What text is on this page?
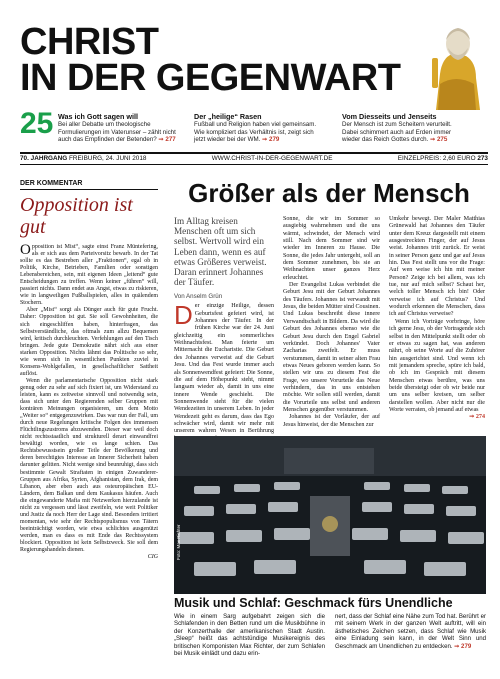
CHRIST
IN DER GEGENWART
25 Was ich Gott sagen will
Bei aller Debatte um theologische Formulierungen im Vaterunser – zählt nicht auch das Empfinden der Betenden? ➞ 277
Der „heilige“ Rasen
Fußball und Religion haben viel gemeinsam. Wie kompliziert das Verhältnis ist, zeigt sich jetzt wieder bei der WM. ➞ 279
Vom Diesseits und Jenseits
Der Mensch ist zum Scheitern verurteilt. Dabei schimmert auch auf Erden immer wieder das Reich Gottes durch. ➞ 275
70. JAHRGANG FREIBURG, 24. JUNI 2018	WWW.CHRIST-IN-DER-GEGENWART.DE	EINZELPREIS: 2,60 EURO 273
DER KOMMENTAR
Opposition ist gut

Opposition ist Mist“, sagte einst Franz Müntefering, als er sich aus dem Parteivorsitz bewarb. In der Tat sollte es das Bestreben aller „Fraktionen“, egal ob in Politik, Kirche, Betrieben, Familien oder sonstigen Lebensbereichen, sein, mit eigenen Ideen „leitend“ gute Entscheidungen zu treffen. Wenn keiner „führen“ will, passiert nichts. Dann endet aus Angst, etwas zu riskieren, wie in langweiligen Fußballspielen, alles in quälendem Stochern.

Aber „Mist“ sorgt als Dünger auch für gute Frucht. Daher: Opposition ist gut. Sie soll Gewohnheiten, die sich eingeschliffen haben, hinterfragen, das Selbstverständliche, das oftmals zum allzu Bequemen wird, kritisch durchleuchten. Verfehlungen auf den Tisch bringen. Jede gute Demokratie nährt sich aus einer starken Opposition. Nichts lähmt das Politische so sehr, wie wenn sich in wesentlichen Punkten zuviel in Konsens-Wohlgefallen, in gesellschaftlicher Sattheit auflöst.

Wenn die parlamentarische Opposition nicht stark genug oder zu sehr auf sich fixiert ist, um Widerstand zu leisten, kann es zeitweise sinnvoll und notwendig sein, dass sich unter den Regierenden selber Gruppen mit konträren Meinungen organisieren, um dem Motto „Weiter so“ entgegenzuwirken. Das war nun der Fall, um durch neue Regelungen kritische Folgen des immensen Flüchtlingszustroms abzuwenden. Dieser war weil doch nicht rechtsstaatlich und strukturell derart einwandfrei bewältigt worden, wie es lange schien. Das Rechtsbewusstsein großer Teile der Bevölkerung und deren berechtigtes Interesse an Innerer Sicherheit haben darunter gelitten. Nicht wenige sind beunruhigt, dass sich bestimmte Gewalt Straftaten in einigen Zuwanderer-Gruppen aus Afrika, Syrien, Afghanistan, dem Irak, dem Libanon, aber eben auch aus osteuropäischen EU-Ländern, dem Balkan und dem Kaukasus häufen. Auch die eingewanderte Mafia mit Netzwerken hierzulande ist nicht zu vergessen und lässt zweifeln, wie weit Politiker und Justiz da noch Herr der Lage sind. Besonders irritiert momentan, wie sehr der Rechtspopulismus von Tätern beeinträchtigt worden, wie etwa schlichtes ausgenützt werden, man es dass es mit Ende das Rechtssystem blockiert. Opposition ist kein Selbstzweck. Sie soll dem Regierungshandeln dienen.

CIG
Größer als der Mensch
Im Alltag kreisen Menschen oft um sich selbst. Wertvoll wird ein Leben dann, wenn es auf etwas Größeres verweist. Daran erinnert Johannes der Täufer.
Von Anselm Grün

Der einzige Heilige, dessen Geburtsfest gefeiert wird, ist Johannes der Täufer. In der frühen Kirche war der 24. Juni gleichzeitig ein sommerliches Weihnachtsfest. Man feierte um Mitternacht die Eucharistie. Die Geburt des Johannes verweist auf die Geburt Jesu. Und das Fest wurde immer auch als Sonnenwendfest gefeiert: Die Sonne, die auf dem Höhepunkt steht, nimmt langsam wieder ab, damit in uns eine innere Wende geschieht. Die Sonnenwende steht für die vielen Wendezeiten in unserem Leben. In jeder Wendezeit geht es darum, dass das Ego schwächer wird, damit wir mehr mit unserem wahren Wesen in Berührung

Sonne, die wir im Sommer so ausgiebig wahrnehmen und die uns wärmt, schwindet, der Mensch wird still. Nach dem Sommer sind wir wieder im Inneren zu Hause. Die Sonne, die jedes Jahr untergeht, soll an dem Sommer zunehmen, bis sie an Weihnachten unser ganzes Herz erleuchtet.

Der Evangelist Lukas verbindet die Geburt Jesu mit der Geburt Johannes des Täufers. Johannes ist verwandt mit Jesus, die beiden Mütter sind Cousinen. Und Lukas beschreibt diese innere Verwandtschaft in Bildern. Da wird die Geburt des Johannes ebenso wie die Geburt Jesu durch den Engel Gabriel verkündet. Doch Johannes' Vater Zacharias zweifelt. Er muss verstummen, damit in seiner alten Frau etwas Neues geboren werden kann. So stellen wir uns zu diesem Fest die Frage, wo unsere Vorurteile das Neue verhindern, das in uns entstehen möchte. Wir sollen still werden, damit die Vorurteile uns selbst und anderen Menschen gegenüber verstummen.

Johannes ist der Vorläufer, der auf Jesus hinweist, der die Menschen zur

Umkehr bewegt. Der Maler Matthias Grünewald hat Johannes den Täufer unter dem Kreuz dargestellt mit einem ausgestreckten Finger, der auf Jesus weist. Johannes tritt zurück. Er weist in seiner Person ganz und gar auf Jesus hin. Das Fest stellt uns vor die Frage: Auf wen weise ich hin mit meiner Person? Zeige ich bei allem, was ich tue, nur auf mich selbst? Schaut her, welch toller Mensch ich bin! Oder verweise ich auf Christus? Und wodurch erkennen die Menschen, dass ich auf Christus verweise?

Wenn ich Vorträge vorbringe, höre ich gerne Jesu, ob der Vortragende sich selbst in den Mittelpunkt stellt oder ob er etwas zu sagen hat, was anderen nährt, ob seine Worte auf die Zuhörer hin ausgerichtet sind. Und wenn ich mit jemandem spreche, spüre ich bald, ob ich im Gespräch mit diesem Menschen etwas berühre, was uns beide übersteigt oder ob wir beide nur um uns selber kreisen, um selber darstellen wollen. Aber nicht nur die Worte verraten, ob jemand auf etwas

➞ 274
Foto: Max Richter
Musik und Schlaf: Geschmack fürs Unendliche
Wie in einem Sarg aufgebahrt zeigen sich die Schlafenden in den Betten rund um die Musikbühne in der Konzerthalle der amerikanischen Stadt Austin. „Sleep“ heißt das achtstündige Musikereignis des britischen Komponisten Max Richter, der zum Schlafen bei Musik einlädt und dazu erin-
nert, dass der Schlaf eine Nähe zum Tod hat. Berührt er mit seinem Werk in der ganzen Welt auftritt, will ein ästhetisches Zeichen setzen, dass Schlaf wie Musik eine Einladung sein kann, in der Welt Sinn und Geschmack am Unendlichen zu entdecken. ➞ 279
